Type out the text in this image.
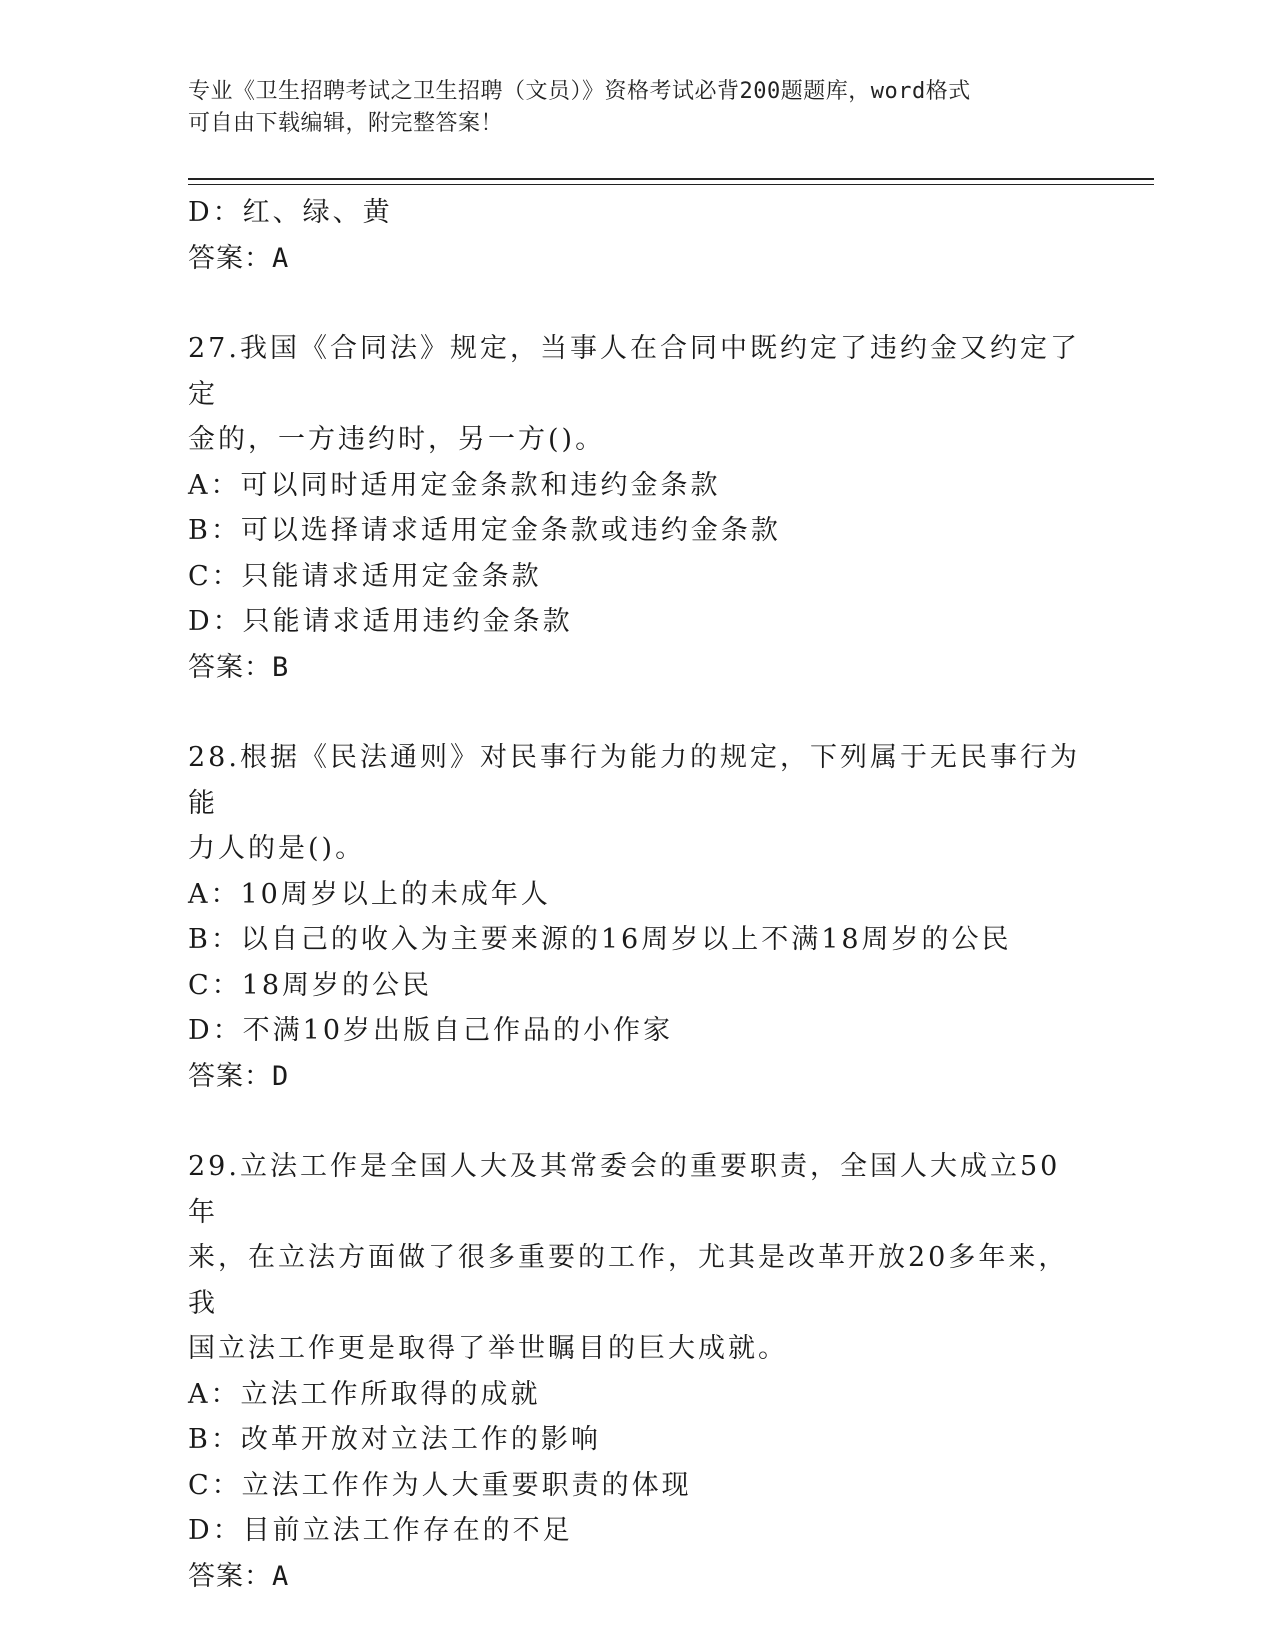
专业《卫生招聘考试之卫生招聘（文员）》资格考试必背200题题库，word格式
可自由下载编辑，附完整答案！
D：红、绿、黄
答案：A
27.我国《合同法》规定，当事人在合同中既约定了违约金又约定了定
金的，一方违约时，另一方()。
A：可以同时适用定金条款和违约金条款
B：可以选择请求适用定金条款或违约金条款
C：只能请求适用定金条款
D：只能请求适用违约金条款
答案：B
28.根据《民法通则》对民事行为能力的规定，下列属于无民事行为能
力人的是()。
A：10周岁以上的未成年人
B：以自己的收入为主要来源的16周岁以上不满18周岁的公民
C：18周岁的公民
D：不满10岁出版自己作品的小作家
答案：D
29.立法工作是全国人大及其常委会的重要职责，全国人大成立50年
来，在立法方面做了很多重要的工作，尤其是改革开放20多年来，我
国立法工作更是取得了举世瞩目的巨大成就。
A：立法工作所取得的成就
B：改革开放对立法工作的影响
C：立法工作作为人大重要职责的体现
D：目前立法工作存在的不足
答案：A
